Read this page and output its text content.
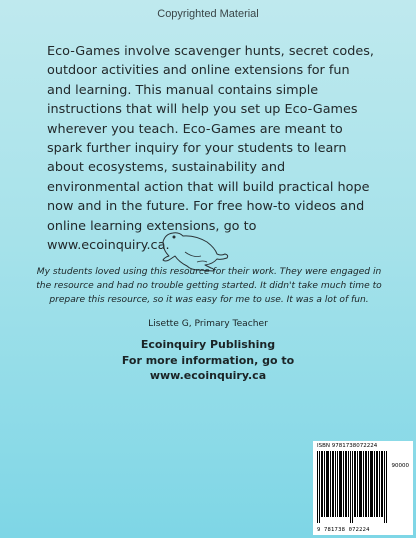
Copyrighted Material
Eco-Games involve scavenger hunts, secret codes, outdoor activities and online extensions for fun and learning. This manual contains simple instructions that will help you set up Eco-Games wherever you teach. Eco-Games are meant to spark further inquiry for your students to learn about ecosystems, sustainability and environmental action that will build practical hope now and in the future. For free how-to videos and online learning extensions, go to www.ecoinquiry.ca.
My students loved using this resource for their work. They were engaged in the resource and had no trouble getting started. It didn't take much time to prepare this resource, so it was easy for me to use. It was a lot of fun.
Lisette G, Primary Teacher
Ecoinquiry Publishing
For more information, go to
www.ecoinquiry.ca
ISBN 9781738072224
90000
9 781738 072224
